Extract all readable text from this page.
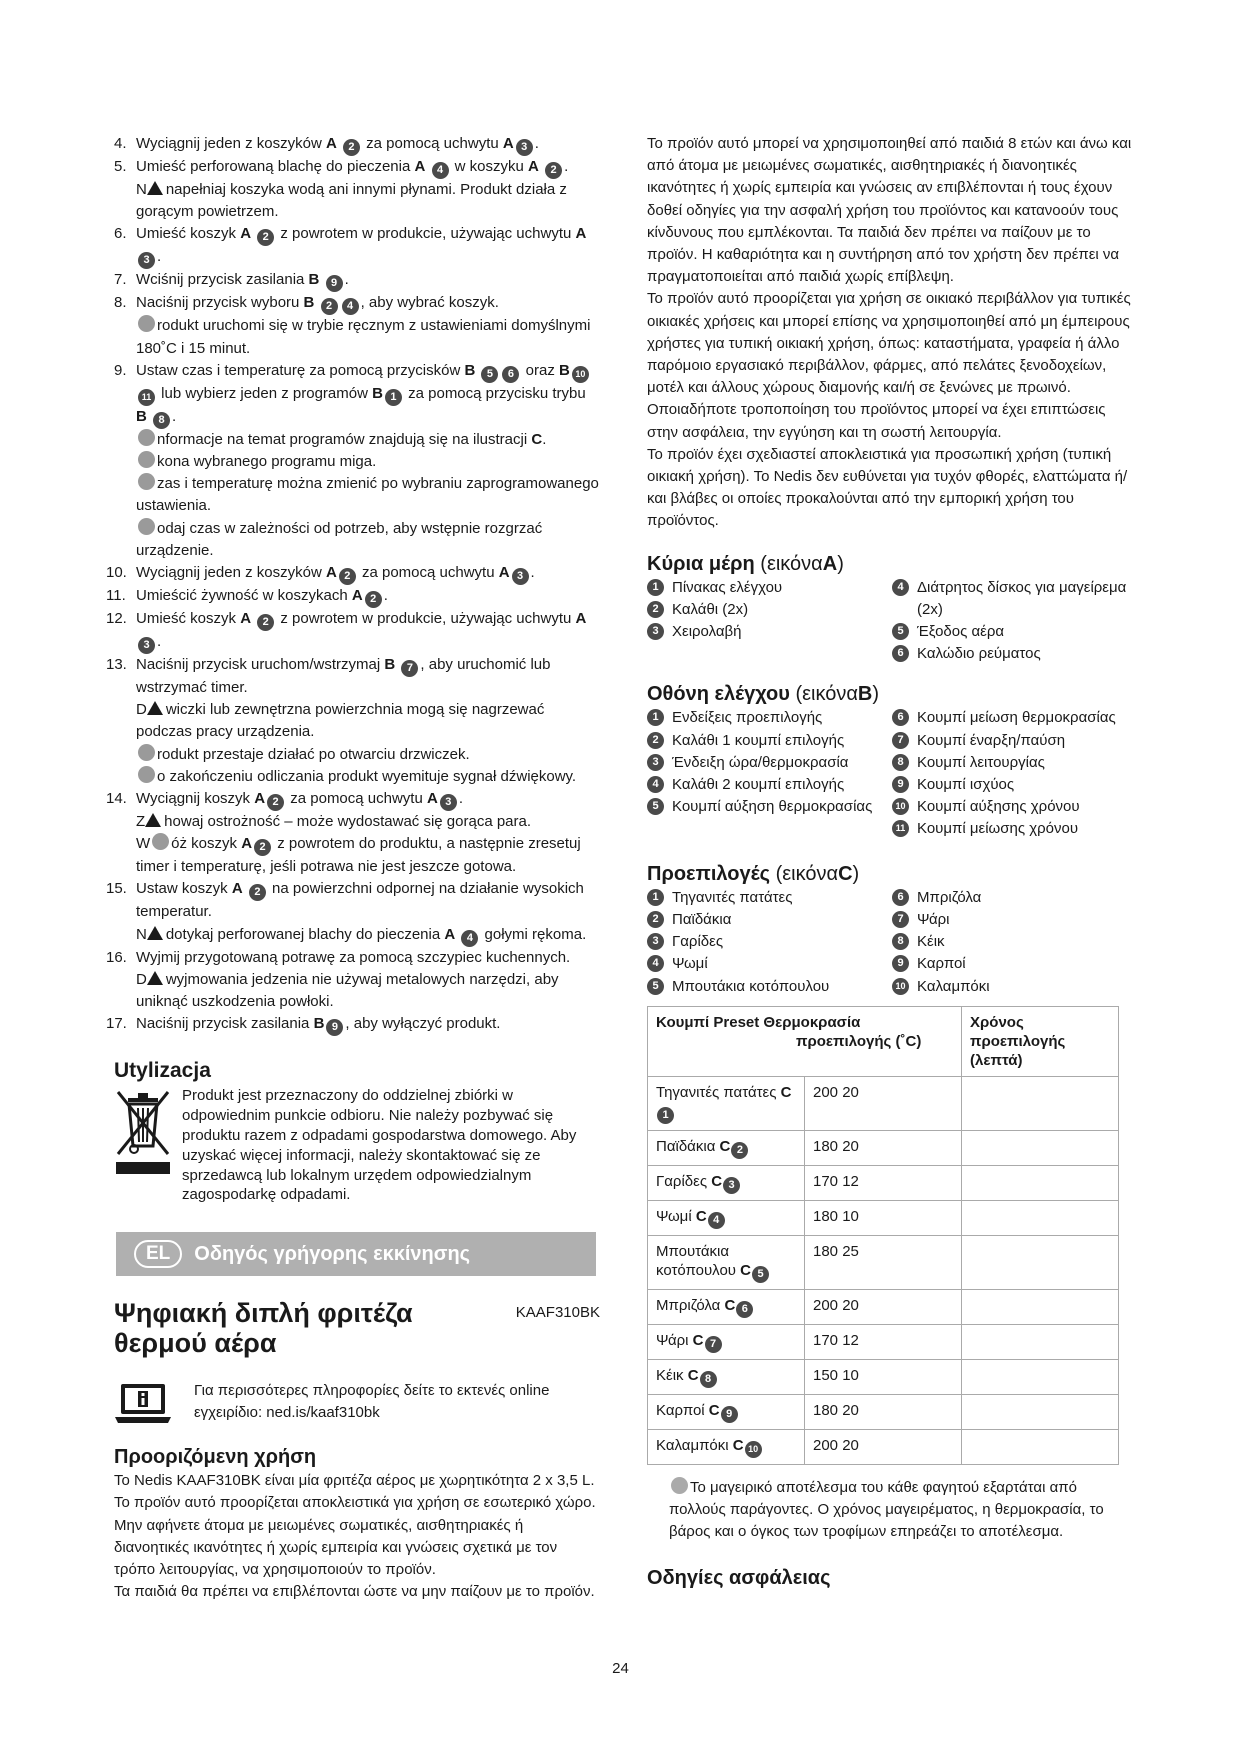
4. Wyciągnij jeden z koszyków A 2 za pomocą uchwytu A 3 .
5. Umieść perforowaną blachę do pieczenia A 4 w koszyku A 2 .
N napełniaj koszyka wodą ani innymi płynami. Produkt działa z gorącym powietrzem.
6. Umieść koszyk A 2 z powrotem w produkcie, używając uchwytu A 3 .
7. Wciśnij przycisk zasilania B 9 .
8. Naciśnij przycisk wyboru B 2 4 , aby wybrać koszyk.
rodukt uruchomi się w trybie ręcznym z ustawieniami domyślnymi 180˚C i 15 minut.
9. Ustaw czas i temperaturę za pomocą przycisków B 5 6 oraz B 1011 lub wybierz jeden z programów B 1 za pomocą przycisku trybu B 8 .
nformacje na temat programów znajdują się na ilustracji C.
kona wybranego programu miga.
zas i temperaturę można zmienić po wybraniu zaprogramowanego ustawienia.
odaj czas w zależności od potrzeb, aby wstępnie rozgrzać urządzenie.
10. Wyciągnij jeden z koszyków A 2 za pomocą uchwytu A 3 .
11. Umieścić żywność w koszykach A 2 .
12. Umieść koszyk A 2 z powrotem w produkcie, używając uchwytu A 3 .
13. Naciśnij przycisk uruchom/wstrzymaj B 7 , aby uruchomić lub wstrzymać timer.
D wiczki lub zewnętrzna powierzchnia mogą się nagrzewać podczas pracy urządzenia.
rodukt przestaje działać po otwarciu drzwiczek.
o zakończeniu odliczania produkt wyemituje sygnał dźwiękowy.
14. Wyciągnij koszyk A 2 za pomocą uchwytu A 3 .
Z howaj ostrożność – może wydostawać się gorąca para.
W óż koszyk A 2 z powrotem do produktu, a następnie zresetuj timer i temperaturę, jeśli potrawa nie jest jeszcze gotowa.
15. Ustaw koszyk A 2 na powierzchni odpornej na działanie wysokich temperatur.
N dotykaj perforowanej blachy do pieczenia A 4 gołymi rękoma.
16. Wyjmij przygotowaną potrawę za pomocą szczypiec kuchennych.
D wyjmowania jedzenia nie używaj metalowych narzędzi, aby uniknąć uszkodzenia powłoki.
17. Naciśnij przycisk zasilania B 9 , aby wyłączyć produkt.
Utylizacja
Produkt jest przeznaczony do oddzielnej zbiórki w odpowiednim punkcie odbioru. Nie należy pozbywać się produktu razem z odpadami gospodarstwa domowego. Aby uzyskać więcej informacji, należy skontaktować się ze sprzedawcą lub lokalnym urzędem odpowiedzialnym zagospodarkę odpadami.
EL	Οδηγός γρήγορης εκκίνησης
Ψηφιακή διπλή φριτέζα θερμού αέρα
KAAF310BK
Για περισσότερες πληροφορίες δείτε το εκτενές online εγχειρίδιο: ned.is/kaaf310bk
Προοριζόμενη χρήση
Το Nedis KAAF310BK είναι μία φριτέζα αέρος με χωρητικότητα 2 x 3,5 L.
Το προϊόν αυτό προορίζεται αποκλειστικά για χρήση σε εσωτερικό χώρο.
Μην αφήνετε άτομα με μειωμένες σωματικές, αισθητηριακές ή διανοητικές ικανότητες ή χωρίς εμπειρία και γνώσεις σχετικά με τον τρόπο λειτουργίας, να χρησιμοποιούν το προϊόν.
Τα παιδιά θα πρέπει να επιβλέπονται ώστε να μην παίζουν με το προϊόν.
Το προϊόν αυτό μπορεί να χρησιμοποιηθεί από παιδιά 8 ετών και άνω και από άτομα με μειωμένες σωματικές, αισθητηριακές ή διανοητικές ικανότητες ή χωρίς εμπειρία και γνώσεις αν επιβλέπονται ή τους έχουν δοθεί οδηγίες για την ασφαλή χρήση του προϊόντος και κατανοούν τους κίνδυνους που εμπλέκονται. Τα παιδιά δεν πρέπει να παίζουν με το προϊόν. Η καθαριότητα και η συντήρηση από τον χρήστη δεν πρέπει να πραγματοποιείται από παιδιά χωρίς επίβλεψη.
Το προϊόν αυτό προορίζεται για χρήση σε οικιακό περιβάλλον για τυπικές οικιακές χρήσεις και μπορεί επίσης να χρησιμοποιηθεί από μη έμπειρους χρήστες για τυπική οικιακή χρήση, όπως: καταστήματα, γραφεία ή άλλο παρόμοιο εργασιακό περιβάλλον, φάρμες, από πελάτες ξενοδοχείων, μοτέλ και άλλους χώρους διαμονής και/ή σε ξενώνες με πρωινό.
Οποιαδήποτε τροποποίηση του προϊόντος μπορεί να έχει επιπτώσεις στην ασφάλεια, την εγγύηση και τη σωστή λειτουργία.
Το προϊόν έχει σχεδιαστεί αποκλειστικά για προσωπική χρήση (τυπική οικιακή χρήση). Το Nedis δεν ευθύνεται για τυχόν φθορές, ελαττώματα ή/και βλάβες οι οποίες προκαλούνται από την εμπορική χρήση του προϊόντος.
Κύρια μέρη (εικόναA)
1 Πίνακας ελέγχου
2 Καλάθι (2x)
3 Χειρολαβή
4 Διάτρητος δίσκος για μαγείρεμα (2x)
5 Έξοδος αέρα
6 Καλώδιο ρεύματος
Οθόνη ελέγχου (εικόναB)
1 Ενδείξεις προεπιλογής
2 Καλάθι 1 κουμπί επιλογής
3 Ένδειξη ώρα/θερμοκρασία
4 Καλάθι 2 κουμπί επιλογής
5 Κουμπί αύξηση θερμοκρασίας
6 Κουμπί μείωση θερμοκρασίας
7 Κουμπί έναρξη/παύση
8 Κουμπί λειτουργίας
9 Κουμπί ισχύος
10 Κουμπί αύξησης χρόνου
11 Κουμπί μείωσης χρόνου
Προεπιλογές (εικόναC)
1 Τηγανιτές πατάτες
2 Παϊδάκια
3 Γαρίδες
4 Ψωμί
5 Μπουτάκια κοτόπουλου
6 Μπριζόλα
7 Ψάρι
8 Κέικ
9 Καρποί
10 Καλαμπόκι
Κουμπί Preset Θερμοκρασία
προεπιλογής (˚C)		Χρόνος προεπιλογής (λεπτά)
Τηγανιτές πατάτες C1	200 20	
Παϊδάκια C 2	180 20	
Γαρίδες C 3	170 12	
Ψωμί C 4	180 10	
Μπουτάκια κοτόπουλου C 5	180 25	
Μπριζόλα C 6	200 20	
Ψάρι C 7	170 12	
Κέικ C 8	150 10	
Καρποί C 9	180 20	
Καλαμπόκι C 10	200 20	
Το μαγειρικό αποτέλεσμα του κάθε φαγητού εξαρτάται από πολλούς παράγοντες. Ο χρόνος μαγειρέματος, η θερμοκρασία, το βάρος και ο όγκος των τροφίμων επηρεάζει το αποτέλεσμα.
Οδηγίες ασφάλειας
24
